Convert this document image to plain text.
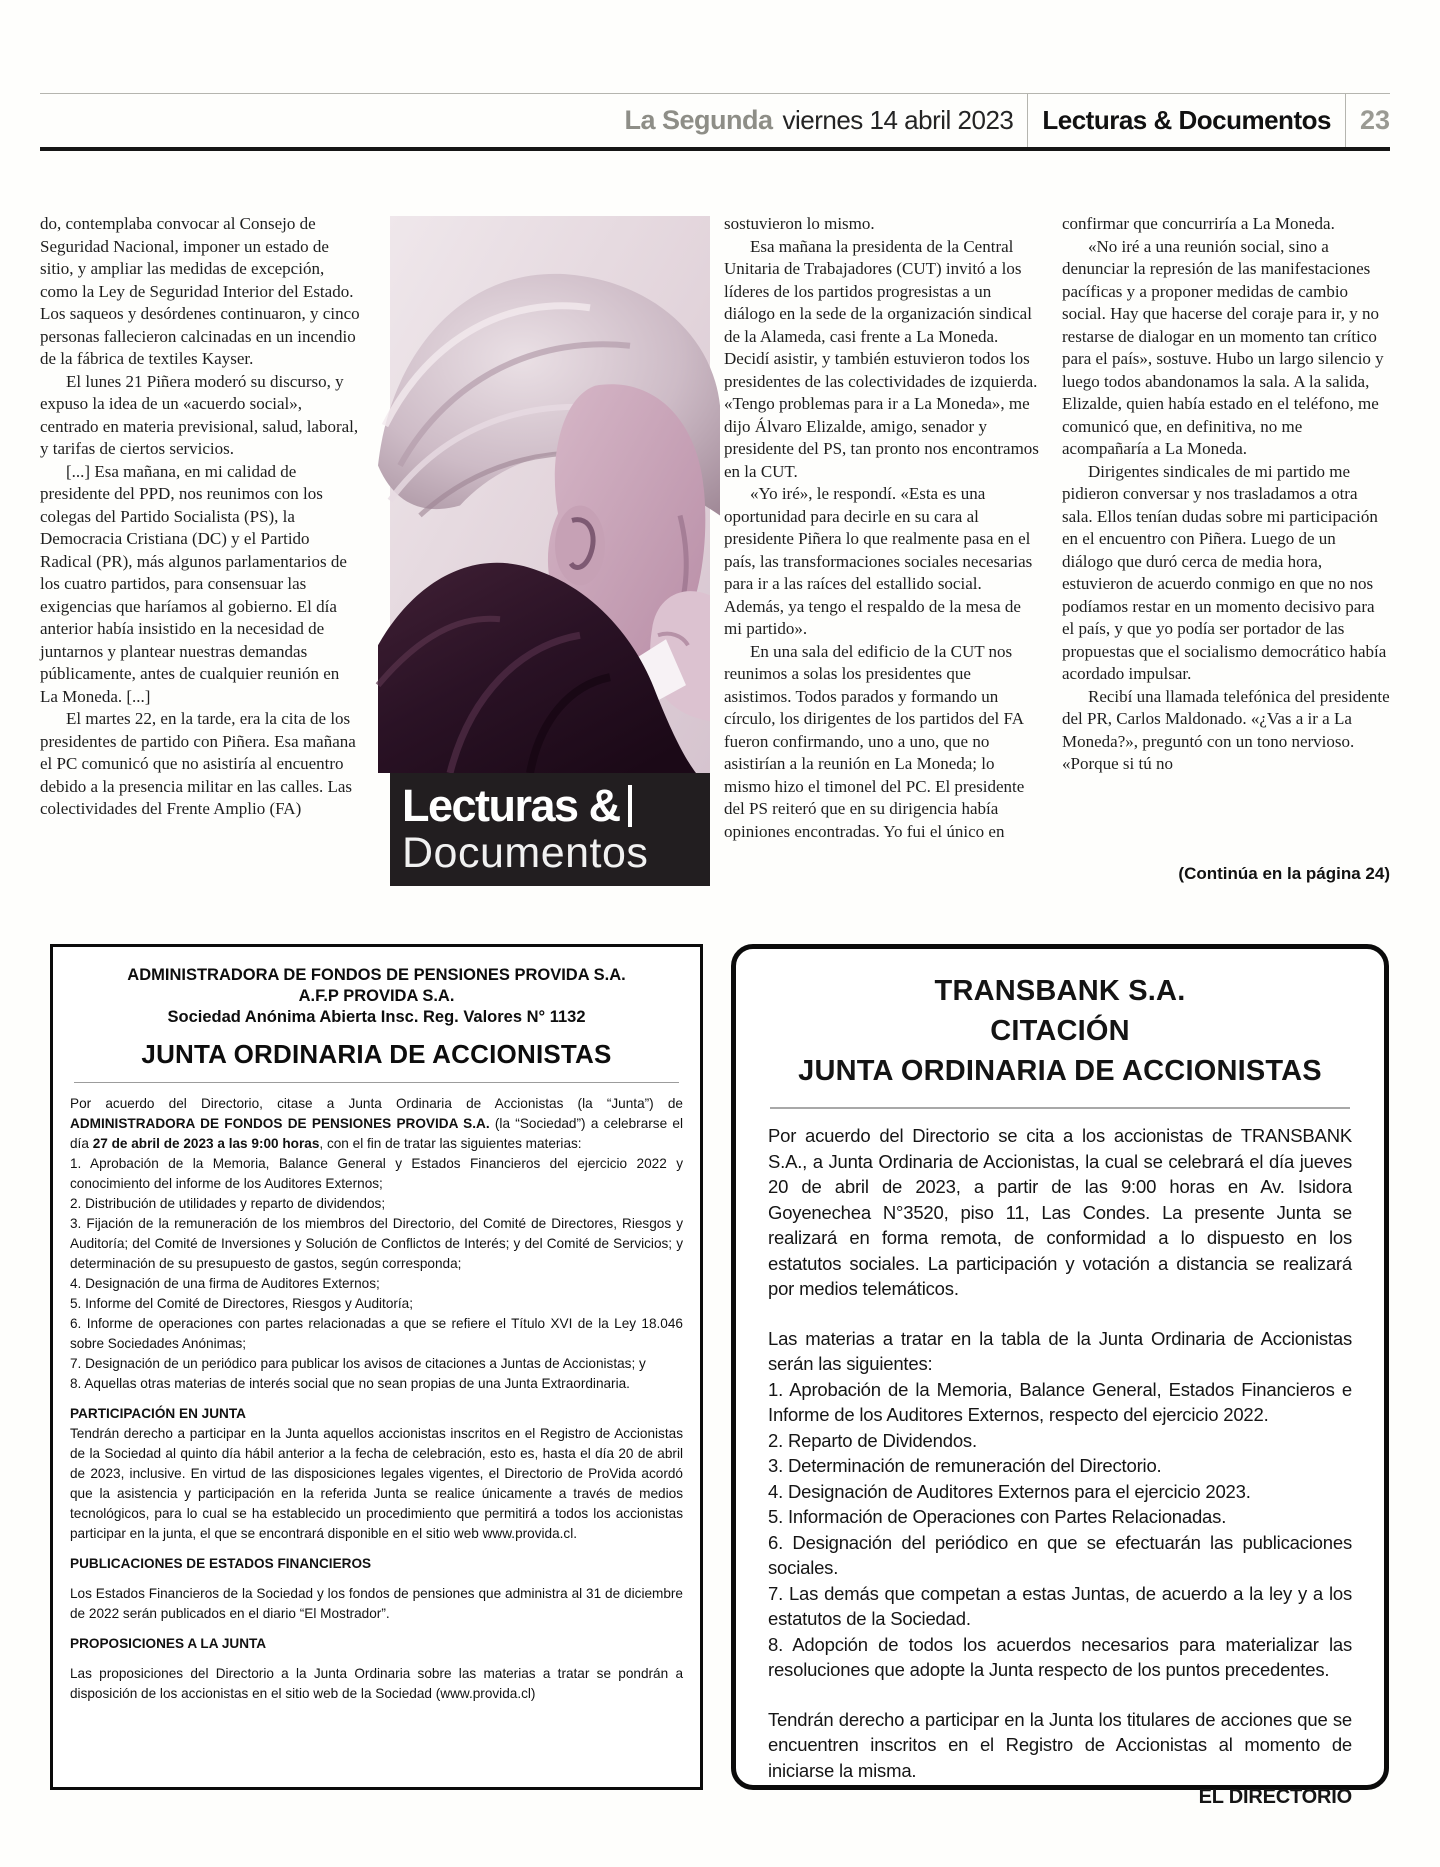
La Segunda viernes 14 abril 2023 Lecturas & Documentos 23

do, contemplaba convocar al Consejo de Seguridad Nacional, imponer un estado de sitio, y ampliar las medidas de excepción, como la Ley de Seguridad Interior del Estado. Los saqueos y desórdenes continuaron, y cinco personas fallecieron calcinadas en un incendio de la fábrica de textiles Kayser.

El lunes 21 Piñera moderó su discurso, y expuso la idea de un «acuerdo social», centrado en materia previsional, salud, laboral, y tarifas de ciertos servicios.

[...] Esa mañana, en mi calidad de presidente del PPD, nos reunimos con los colegas del Partido Socialista (PS), la Democracia Cristiana (DC) y el Partido Radical (PR), más algunos parlamentarios de los cuatro partidos, para consensuar las exigencias que haríamos al gobierno. El día anterior había insistido en la necesidad de juntarnos y plantear nuestras demandas públicamente, antes de cualquier reunión en La Moneda. [...]

El martes 22, en la tarde, era la cita de los presidentes de partido con Piñera. Esa mañana el PC comunicó que no asistiría al encuentro debido a la presencia militar en las calles. Las colectividades del Frente Amplio (FA)	Lecturas &
Documentos

sostuvieron lo mismo.

Esa mañana la presidenta de la Central Unitaria de Trabajadores (CUT) invitó a los líderes de los partidos progresistas a un diálogo en la sede de la organización sindical de la Alameda, casi frente a La Moneda. Decidí asistir, y también estuvieron todos los presidentes de las colectividades de izquierda. «Tengo problemas para ir a La Moneda», me dijo Álvaro Elizalde, amigo, senador y presidente del PS, tan pronto nos encontramos en la CUT.

«Yo iré», le respondí. «Esta es una oportunidad para decirle en su cara al presidente Piñera lo que realmente pasa en el país, las transformaciones sociales necesarias para ir a las raíces del estallido social. Además, ya tengo el respaldo de la mesa de mi partido».

En una sala del edificio de la CUT nos reunimos a solas los presidentes que asistimos. Todos parados y formando un círculo, los dirigentes de los partidos del FA fueron confirmando, uno a uno, que no asistirían a la reunión en La Moneda; lo mismo hizo el timonel del PC. El presidente del PS reiteró que en su dirigencia había opiniones encontradas. Yo fui el único en

confirmar que concurriría a La Moneda.

«No iré a una reunión social, sino a denunciar la represión de las manifestaciones pacíficas y a proponer medidas de cambio social. Hay que hacerse del coraje para ir, y no restarse de dialogar en un momento tan crítico para el país», sostuve. Hubo un largo silencio y luego todos abandonamos la sala. A la salida, Elizalde, quien había estado en el teléfono, me comunicó que, en definitiva, no me acompañaría a La Moneda.

Dirigentes sindicales de mi partido me pidieron conversar y nos trasladamos a otra sala. Ellos tenían dudas sobre mi participación en el encuentro con Piñera. Luego de un diálogo que duró cerca de media hora, estuvieron de acuerdo conmigo en que no nos podíamos restar en un momento decisivo para el país, y que yo podía ser portador de las propuestas que el socialismo democrático había acordado impulsar.

Recibí una llamada telefónica del presidente del PR, Carlos Maldonado. «¿Vas a ir a La Moneda?», preguntó con un tono nervioso. «Porque si tú no

(Continúa en la página 24)
ADMINISTRADORA DE FONDOS DE PENSIONES PROVIDA S.A.
A.F.P PROVIDA S.A.
Sociedad Anónima Abierta Insc. Reg. Valores N° 1132
JUNTA ORDINARIA DE ACCIONISTAS

Por acuerdo del Directorio, citase a Junta Ordinaria de Accionistas (la “Junta”) de ADMINISTRADORA DE FONDOS DE PENSIONES PROVIDA S.A. (la “Sociedad”) a celebrarse el día 27 de abril de 2023 a las 9:00 horas, con el fin de tratar las siguientes materias:

1. Aprobación de la Memoria, Balance General y Estados Financieros del ejercicio 2022 y conocimiento del informe de los Auditores Externos;

2. Distribución de utilidades y reparto de dividendos;

3. Fijación de la remuneración de los miembros del Directorio, del Comité de Directores, Riesgos y Auditoría; del Comité de Inversiones y Solución de Conflictos de Interés; y del Comité de Servicios; y determinación de su presupuesto de gastos, según corresponda;

4. Designación de una firma de Auditores Externos;

5. Informe del Comité de Directores, Riesgos y Auditoría;

6. Informe de operaciones con partes relacionadas a que se refiere el Título XVI de la Ley 18.046 sobre Sociedades Anónimas;

7. Designación de un periódico para publicar los avisos de citaciones a Juntas de Accionistas; y

8. Aquellas otras materias de interés social que no sean propias de una Junta Extraordinaria.

PARTICIPACIÓN EN JUNTA

Tendrán derecho a participar en la Junta aquellos accionistas inscritos en el Registro de Accionistas de la Sociedad al quinto día hábil anterior a la fecha de celebración, esto es, hasta el día 20 de abril de 2023, inclusive. En virtud de las disposiciones legales vigentes, el Directorio de ProVida acordó que la asistencia y participación en la referida Junta se realice únicamente a través de medios tecnológicos, para lo cual se ha establecido un procedimiento que permitirá a todos los accionistas participar en la junta, el que se encontrará disponible en el sitio web www.provida.cl.

PUBLICACIONES DE ESTADOS FINANCIEROS

Los Estados Financieros de la Sociedad y los fondos de pensiones que administra al 31 de diciembre de 2022 serán publicados en el diario “El Mostrador”.

PROPOSICIONES A LA JUNTA

Las proposiciones del Directorio a la Junta Ordinaria sobre las materias a tratar se pondrán a disposición de los accionistas en el sitio web de la Sociedad (www.provida.cl)

TRANSBANK S.A.
CITACIÓN
JUNTA ORDINARIA DE ACCIONISTAS

Por acuerdo del Directorio se cita a los accionistas de TRANSBANK S.A., a Junta Ordinaria de Accionistas, la cual se celebrará el día jueves 20 de abril de 2023, a partir de las 9:00 horas en Av. Isidora Goyenechea N°3520, piso 11, Las Condes. La presente Junta se realizará en forma remota, de conformidad a lo dispuesto en los estatutos sociales. La participación y votación a distancia se realizará por medios telemáticos.

Las materias a tratar en la tabla de la Junta Ordinaria de Accionistas serán las siguientes:

1. Aprobación de la Memoria, Balance General, Estados Financieros e Informe de los Auditores Externos, respecto del ejercicio 2022.

2. Reparto de Dividendos.

3. Determinación de remuneración del Directorio.

4. Designación de Auditores Externos para el ejercicio 2023.

5. Información de Operaciones con Partes Relacionadas.

6. Designación del periódico en que se efectuarán las publicaciones sociales.

7. Las demás que competan a estas Juntas, de acuerdo a la ley y a los estatutos de la Sociedad.

8. Adopción de todos los acuerdos necesarios para materializar las resoluciones que adopte la Junta respecto de los puntos precedentes.

Tendrán derecho a participar en la Junta los titulares de acciones que se encuentren inscritos en el Registro de Accionistas al momento de iniciarse la misma.

EL DIRECTORIO
